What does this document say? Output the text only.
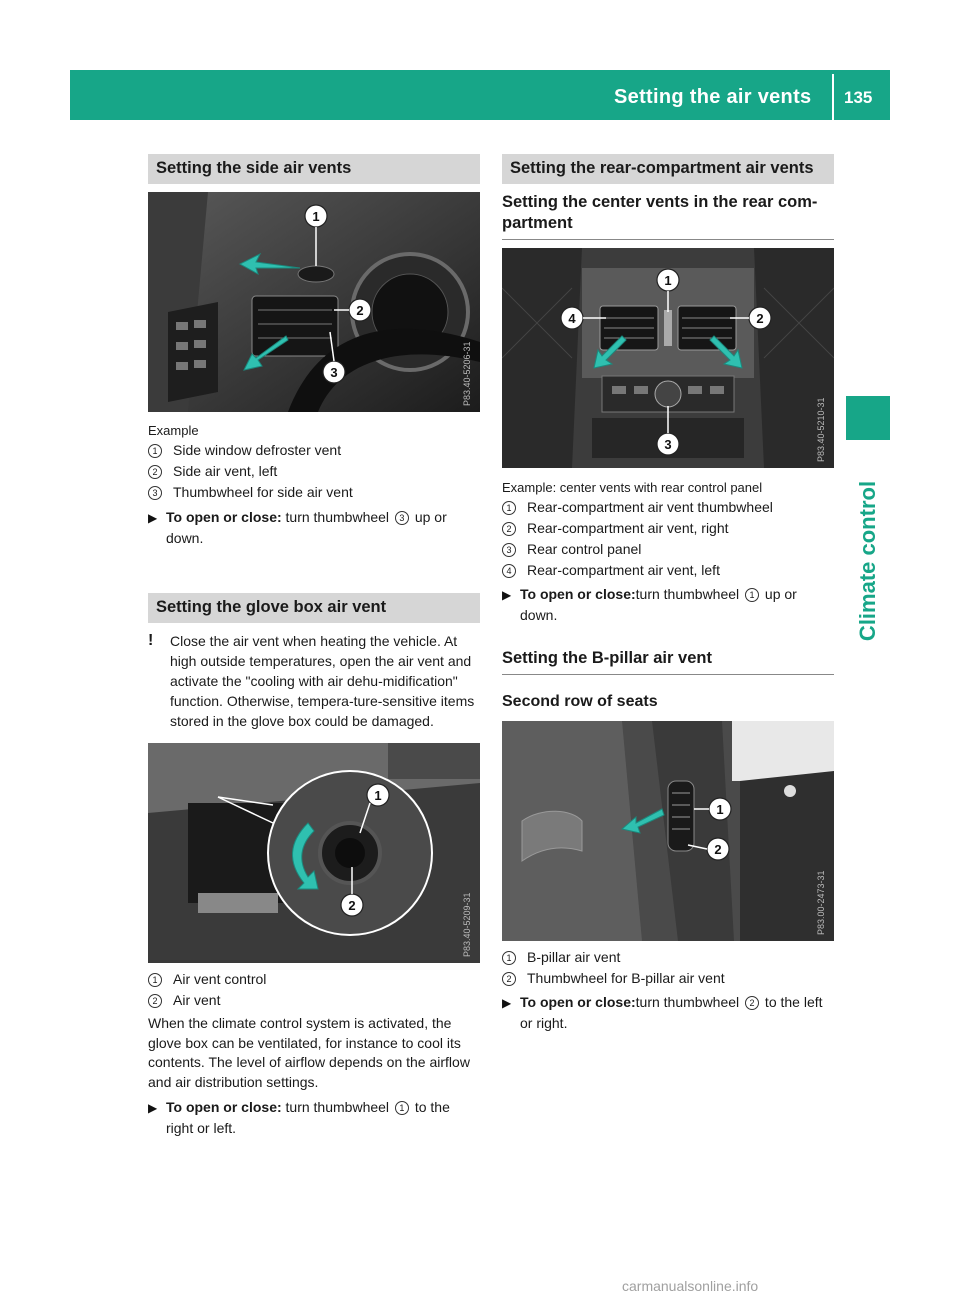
Setting the air vents 135
Climate control
Setting the side air vents
1
2
3	P83.40-5206-31
Example
1	Side window defroster vent
2	Side air vent, left
3	Thumbwheel for side air vent
▶ To open or close: turn thumbwheel 3 up or down.
Setting the glove box air vent
!	Close the air vent when heating the vehicle. At high outside temperatures, open the air vent and activate the "cooling with air dehu-midification" function. Otherwise, tempera-ture-sensitive items stored in the glove box could be damaged.
1
2	P83.40-5209-31
1	Air vent control
2	Air vent
When the climate control system is activated, the glove box can be ventilated, for instance to cool its contents. The level of airflow depends on the airflow and air distribution settings.
▶ To open or close: turn thumbwheel 1 to the right or left.
Setting the rear-compartment air vents
Setting the center vents in the rear com-partment
1
2
3
4
P83.40-5210-31
Example: center vents with rear control panel
1	Rear-compartment air vent thumbwheel
2	Rear-compartment air vent, right
3	Rear control panel
4	Rear-compartment air vent, left
▶ To open or close:turn thumbwheel 1 up or down.
Setting the B-pillar air vent
Second row of seats
1
2
P83.00-2473-31
1	B-pillar air vent
2	Thumbwheel for B-pillar air vent
▶ To open or close:turn thumbwheel 2 to the left or right.
carmanualsonline.info
